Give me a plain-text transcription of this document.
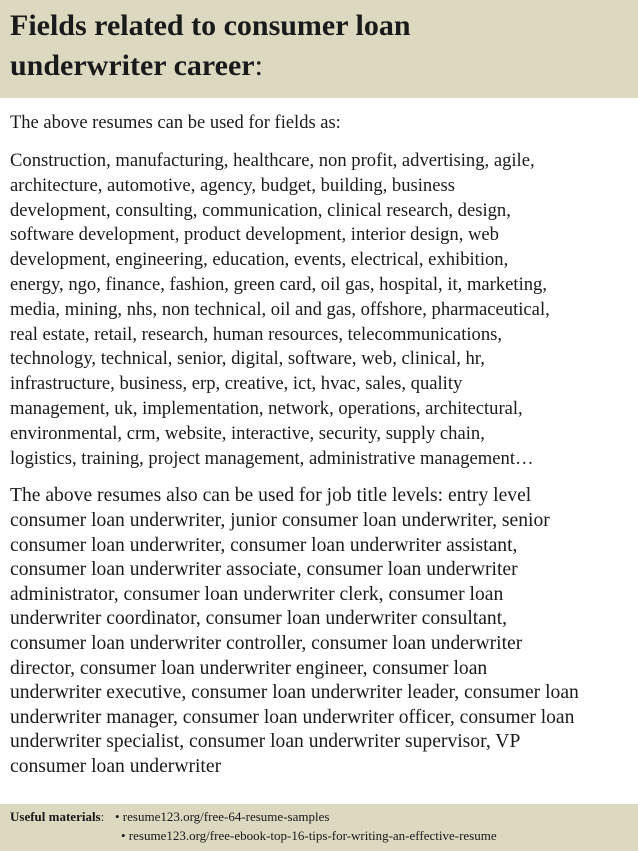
Fields related to consumer loan
underwriter career:

The above resumes can be used for fields as:

Construction, manufacturing, healthcare, non profit, advertising, agile,
architecture, automotive, agency, budget, building, business
development, consulting, communication, clinical research, design,
software development, product development, interior design, web
development, engineering, education, events, electrical, exhibition,
energy, ngo, finance, fashion, green card, oil gas, hospital, it, marketing,
media, mining, nhs, non technical, oil and gas, offshore, pharmaceutical,
real estate, retail, research, human resources, telecommunications,
technology, technical, senior, digital, software, web, clinical, hr,
infrastructure, business, erp, creative, ict, hvac, sales, quality
management, uk, implementation, network, operations, architectural,
environmental, crm, website, interactive, security, supply chain,
logistics, training, project management, administrative management…

The above resumes also can be used for job title levels: entry level
consumer loan underwriter, junior consumer loan underwriter, senior
consumer loan underwriter, consumer loan underwriter assistant,
consumer loan underwriter associate, consumer loan underwriter
administrator, consumer loan underwriter clerk, consumer loan
underwriter coordinator, consumer loan underwriter consultant,
consumer loan underwriter controller, consumer loan underwriter
director, consumer loan underwriter engineer, consumer loan
underwriter executive, consumer loan underwriter leader, consumer loan
underwriter manager, consumer loan underwriter officer, consumer loan
underwriter specialist, consumer loan underwriter supervisor, VP
consumer loan underwriter

Useful materials: • resume123.org/free-64-resume-samples
• resume123.org/free-ebook-top-16-tips-for-writing-an-effective-resume
